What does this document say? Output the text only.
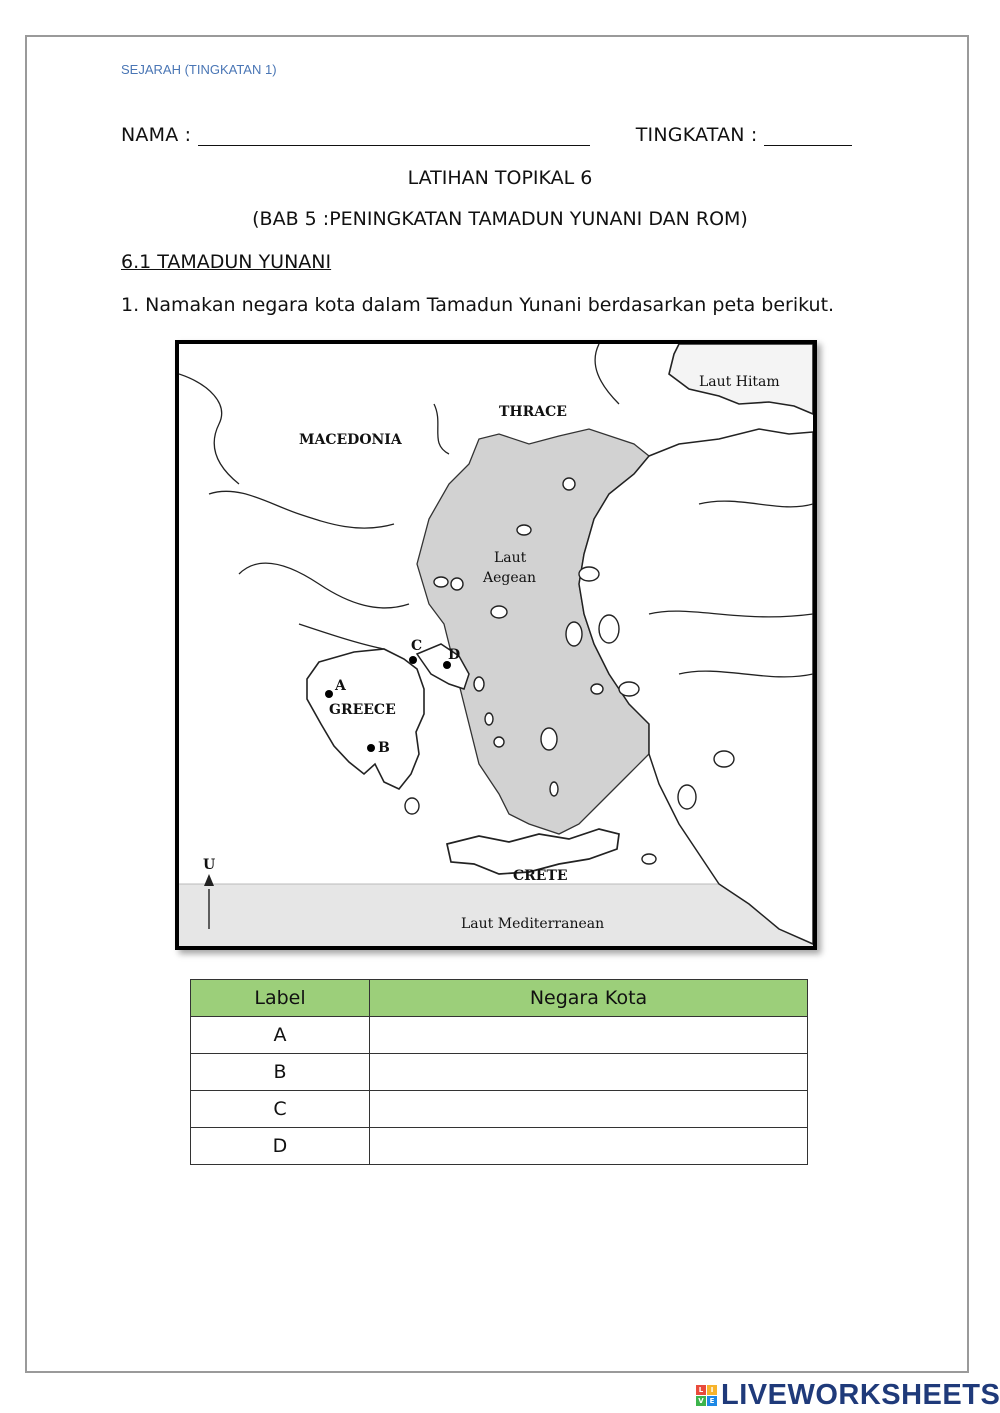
SEJARAH (TINGKATAN 1)
NAMA :	TINGKATAN :
LATIHAN TOPIKAL 6
(BAB 5 :PENINGKATAN TAMADUN YUNANI DAN ROM)
6.1 TAMADUN YUNANI
1. Namakan negara kota dalam Tamadun Yunani berdasarkan peta berikut.
U
Laut Hitam
THRACE
MACEDONIA
Laut
Aegean
GREECE
CRETE
Laut Mediterranean
A
B
C
D
Label	Negara Kota
A	
B	
C	
D	
L	I
V E LIVEWORKSHEETS
